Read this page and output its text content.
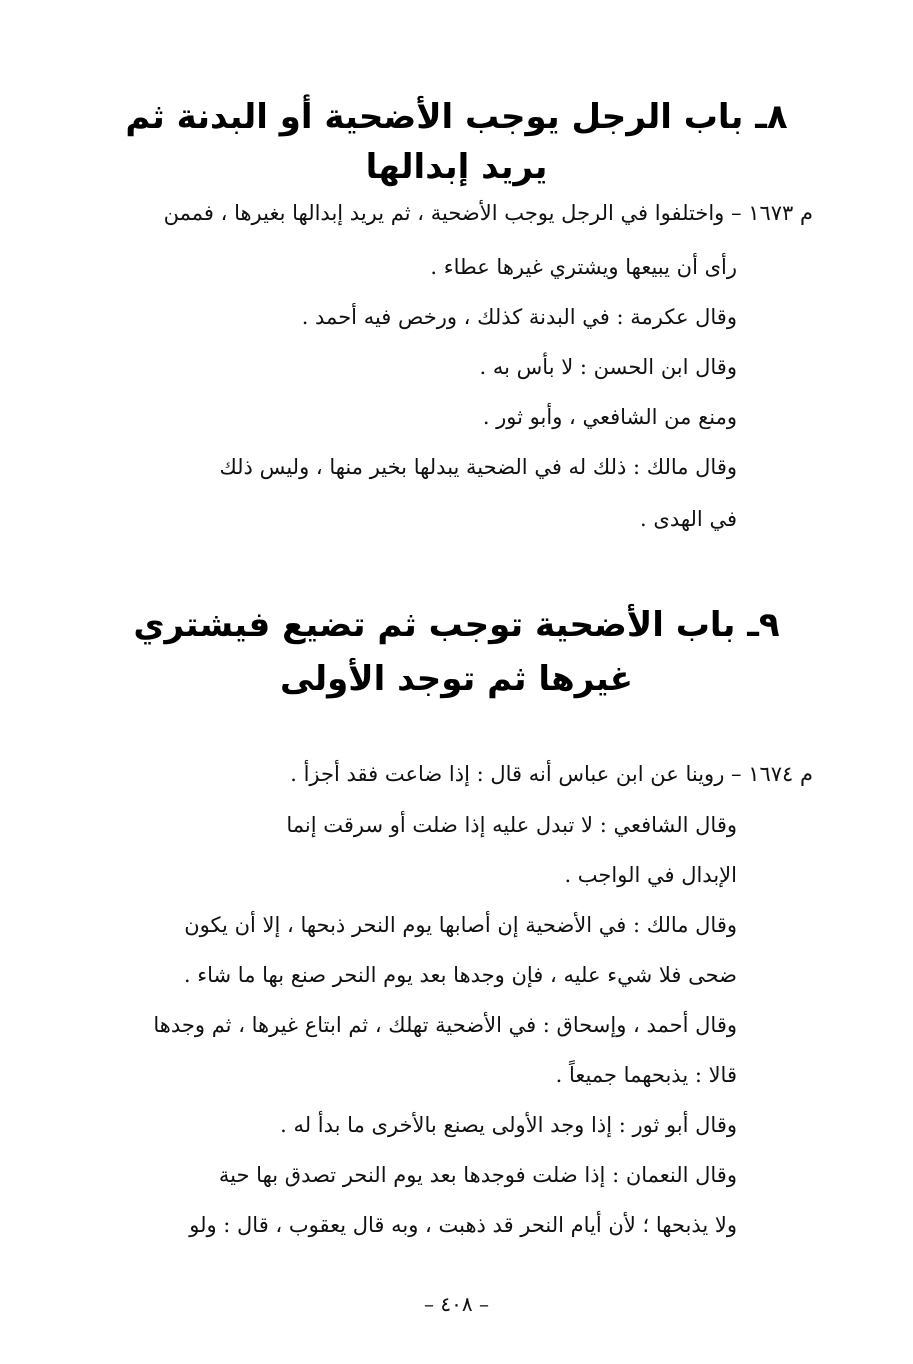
٨ـ باب الرجل يوجب الأضحية أو البدنة ثم يريد إبدالها
م ١٦٧٣ – واختلفوا في الرجل يوجب الأضحية ، ثم يريد إبدالها بغيرها ، فممن
رأى أن يبيعها ويشتري غيرها عطاء .
وقال عكرمة : في البدنة كذلك ، ورخص فيه أحمد .
وقال ابن الحسن : لا بأس به .
ومنع من الشافعي ، وأبو ثور .
وقال مالك : ذلك له في الضحية يبدلها بخير منها ، وليس ذلك
في الهدى .
٩ـ باب الأضحية توجب ثم تضيع فيشتري
غيرها ثم توجد الأولى
م ١٦٧٤ – روينا عن ابن عباس أنه قال : إذا ضاعت فقد أجزأ .
وقال الشافعي : لا تبدل عليه إذا ضلت أو سرقت إنما
الإبدال في الواجب .
وقال مالك : في الأضحية إن أصابها يوم النحر ذبحها ، إلا أن يكون
ضحى فلا شيء عليه ، فإن وجدها بعد يوم النحر صنع بها ما شاء .
وقال أحمد ، وإسحاق : في الأضحية تهلك ، ثم ابتاع غيرها ، ثم وجدها
قالا : يذبحهما جميعاً .
وقال أبو ثور : إذا وجد الأولى يصنع بالأخرى ما بدأ له .
وقال النعمان : إذا ضلت فوجدها بعد يوم النحر تصدق بها حية
ولا يذبحها ؛ لأن أيام النحر قد ذهبت ، وبه قال يعقوب ، قال : ولو
– ٤٠٨ –
